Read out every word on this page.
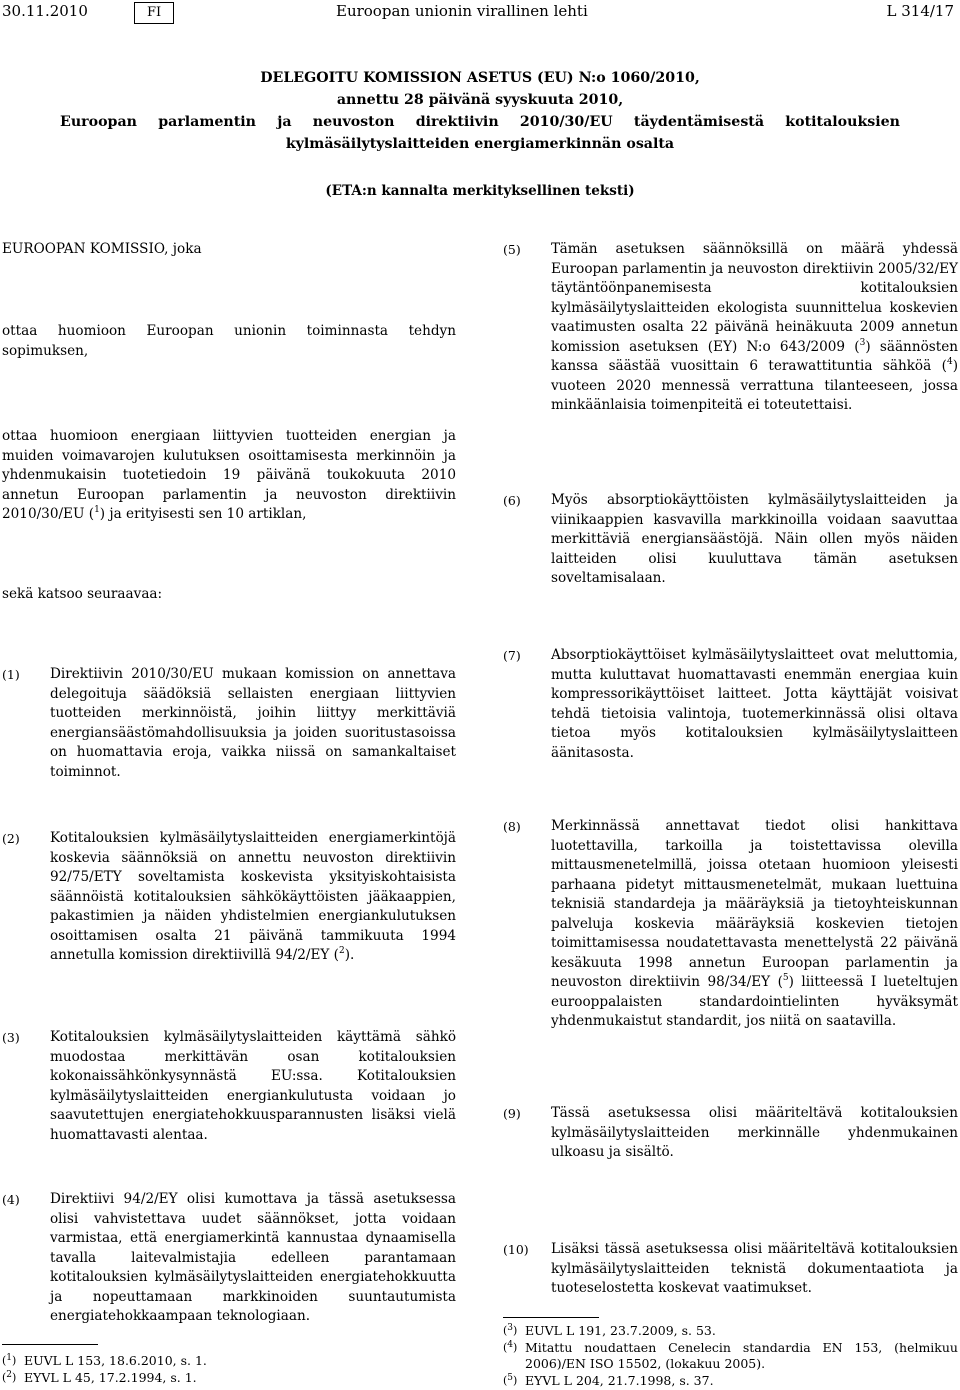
30.11.2010	FI	Euroopan unionin virallinen lehti	L 314/17

DELEGOITU KOMISSION ASETUS (EU) N:o 1060/2010,

annettu 28 päivänä syyskuuta 2010,

Euroopan parlamentin ja neuvoston direktiivin 2010/30/EU täydentämisestä kotitalouksien kylmäsäilytyslaitteiden energiamerkinnän osalta

(ETA:n kannalta merkityksellinen teksti)

EUROOPAN KOMISSIO, joka

ottaa huomioon Euroopan unionin toiminnasta tehdyn sopimuksen,

ottaa huomioon energiaan liittyvien tuotteiden energian ja muiden voimavarojen kulutuksen osoittamisesta merkinnöin ja yhdenmukaisin tuotetiedoin 19 päivänä toukokuuta 2010 annetun Euroopan parlamentin ja neuvoston direktiivin 2010/30/EU ($^1$) ja erityisesti sen 10 artiklan,

sekä katsoo seuraavaa:

(1)	Direktiivin 2010/30/EU mukaan komission on annettava delegoituja säädöksiä sellaisten energiaan liittyvien tuotteiden merkinnöistä, joihin liittyy merkittäviä energiansäästömahdollisuuksia ja joiden suoritustasoissa on huomattavia eroja, vaikka niissä on samankaltaiset toiminnot.
(2)	Kotitalouksien kylmäsäilytyslaitteiden energiamerkintöjä koskevia säännöksiä on annettu neuvoston direktiivin 92/75/ETY soveltamista koskevista yksityiskohtaisista säännöistä kotitalouksien sähkökäyttöisten jääkaappien, pakastimien ja näiden yhdistelmien energiankulutuksen osoittamisen osalta 21 päivänä tammikuuta 1994 annetulla komission direktiivillä 94/2/EY ($^2$).
(3)	Kotitalouksien kylmäsäilytyslaitteiden käyttämä sähkö muodostaa merkittävän osan kotitalouksien kokonaissähkönkysynnästä EU:ssa. Kotitalouksien kylmäsäilytyslaitteiden energiankulutusta voidaan jo saavutettujen energiatehokkuusparannusten lisäksi vielä huomattavasti alentaa.
(4)	Direktiivi 94/2/EY olisi kumottava ja tässä asetuksessa olisi vahvistettava uudet säännökset, jotta voidaan varmistaa, että energiamerkintä kannustaa dynaamisella tavalla laitevalmistajia edelleen parantamaan kotitalouksien kylmäsäilytyslaitteiden energiatehokkuutta ja nopeuttamaan markkinoiden suuntautumista energiatehokkaampaan teknologiaan.
($^1$) EUVL L 153, 18.6.2010, s. 1.
($^2$) EYVL L 45, 17.2.1994, s. 1.
(5)	Tämän asetuksen säännöksillä on määrä yhdessä Euroopan parlamentin ja neuvoston direktiivin 2005/32/EY täytäntöönpanemisesta kotitalouksien kylmäsäilytyslaitteiden ekologista suunnittelua koskevien vaatimusten osalta 22 päivänä heinäkuuta 2009 annetun komission asetuksen (EY) N:o 643/2009 ($^3$) säännösten kanssa säästää vuosittain 6 terawattituntia sähköä ($^4$) vuoteen 2020 mennessä verrattuna tilanteeseen, jossa minkäänlaisia toimenpiteitä ei toteutettaisi.
(6)	Myös absorptiokäyttöisten kylmäsäilytyslaitteiden ja viinikaappien kasvavilla markkinoilla voidaan saavuttaa merkittäviä energiansäästöjä. Näin ollen myös näiden laitteiden olisi kuuluttava tämän asetuksen soveltamisalaan.
(7)	Absorptiokäyttöiset kylmäsäilytyslaitteet ovat meluttomia, mutta kuluttavat huomattavasti enemmän energiaa kuin kompressorikäyttöiset laitteet. Jotta käyttäjät voisivat tehdä tietoisia valintoja, tuotemerkinnässä olisi oltava tietoa myös kotitalouksien kylmäsäilytyslaitteen äänitasosta.
(8)	Merkinnässä annettavat tiedot olisi hankittava luotettavilla, tarkoilla ja toistettavissa olevilla mittausmenetelmillä, joissa otetaan huomioon yleisesti parhaana pidetyt mittausmenetelmät, mukaan luettuina teknisiä standardeja ja määräyksiä ja tietoyhteiskunnan palveluja koskevia määräyksiä koskevien tietojen toimittamisessa noudatettavasta menettelystä 22 päivänä kesäkuuta 1998 annetun Euroopan parlamentin ja neuvoston direktiivin 98/34/EY ($^5$) liitteessä I lueteltujen eurooppalaisten standardointielinten hyväksymät yhdenmukaistut standardit, jos niitä on saatavilla.
(9)	Tässä asetuksessa olisi määriteltävä kotitalouksien kylmäsäilytyslaitteiden merkinnälle yhdenmukainen ulkoasu ja sisältö.
(10)	Lisäksi tässä asetuksessa olisi määriteltävä kotitalouksien kylmäsäilytyslaitteiden teknistä dokumentaatiota ja tuoteselostetta koskevat vaatimukset.
($^3$) EUVL L 191, 23.7.2009, s. 53.
($^4$) Mitattu noudattaen Cenelecin standardia EN 153, (helmikuu 2006)/EN ISO 15502, (lokakuu 2005).
($^5$) EYVL L 204, 21.7.1998, s. 37.
